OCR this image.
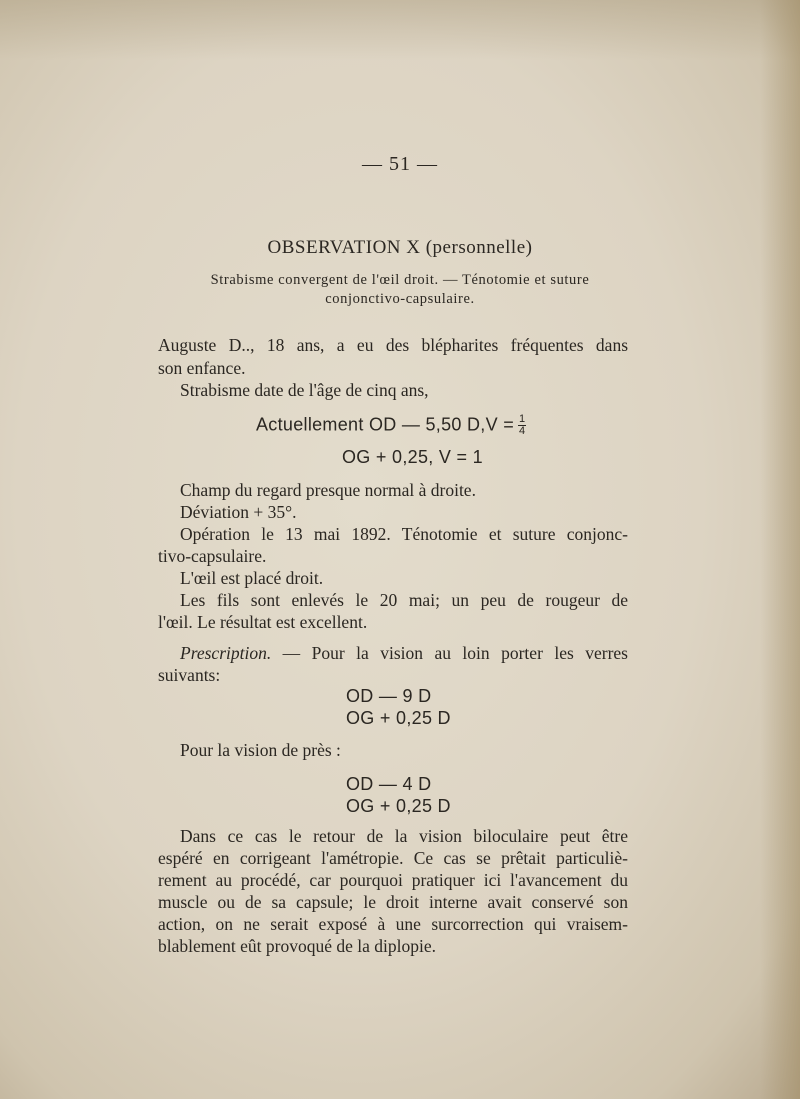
— 51 —
OBSERVATION X (personnelle)
Strabisme convergent de l'œil droit. — Ténotomie et suture conjonctivo-capsulaire.
Auguste D.., 18 ans, a eu des blépharites fréquentes dans
son enfance.
Strabisme date de l'âge de cinq ans,
Actuellement OD — 5,50 $D,V = \frac{1}{4}$
OG + 0,25, V = 1
Champ du regard presque normal à droite.
Déviation + 35°.
Opération le 13 mai 1892. Ténotomie et suture conjonc-
tivo-capsulaire.
L'œil est placé droit.
Les fils sont enlevés le 20 mai; un peu de rougeur de
l'œil. Le résultat est excellent.
Prescription. — Pour la vision au loin porter les verres
suivants:
OD — 9 D
OG + 0,25 D
Pour la vision de près :
OD — 4 D
OG + 0,25 D
Dans ce cas le retour de la vision biloculaire peut être
espéré en corrigeant l'amétropie. Ce cas se prêtait particuliè-
rement au procédé, car pourquoi pratiquer ici l'avancement du
muscle ou de sa capsule; le droit interne avait conservé son
action, on ne serait exposé à une surcorrection qui vraisem-
blablement eût provoqué de la diplopie.
